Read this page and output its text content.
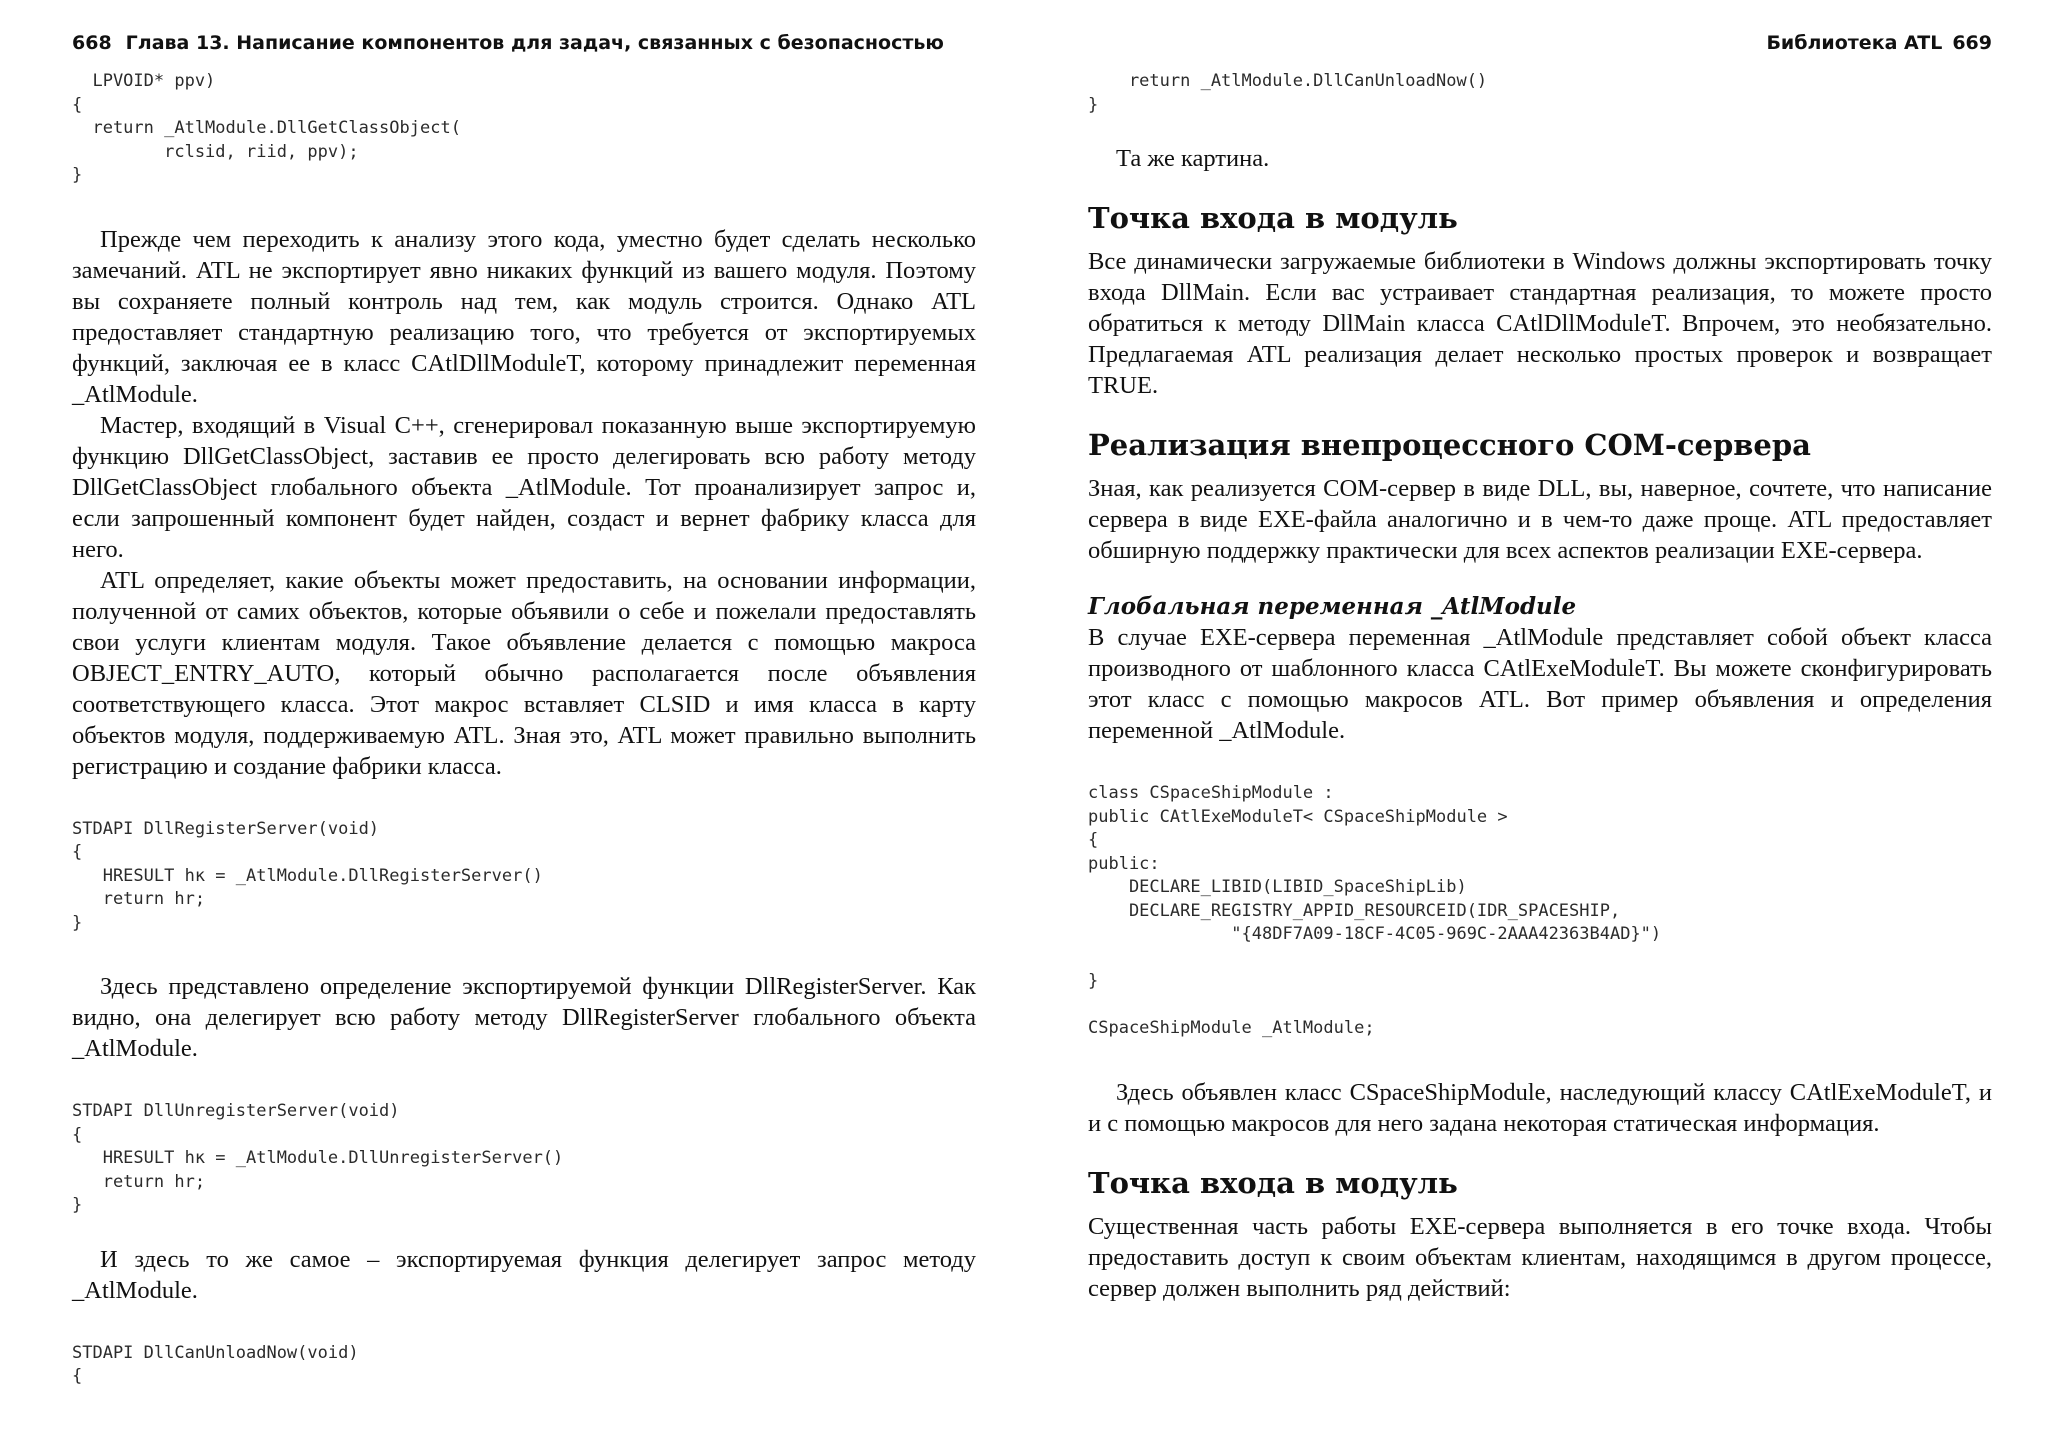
668 Глава 13. Написание компонентов для задач, связанных с безопасностью
LPVOID* ppv)
{
return _AtlModule.DllGetClassObject(
rclsid, riid, ppv);
}

Прежде чем переходить к анализу этого кода, уместно будет сделать несколько замечаний. ATL не экспортирует явно никаких функций из вашего модуля. Поэтому вы сохраняете полный контроль над тем, как модуль строится. Однако ATL предоставляет стандартную реализацию того, что требуется от экспортируемых функций, заключая ее в класс CAtlDllModuleT, которому принадлежит переменная _AtlModule.

Мастер, входящий в Visual C++, сгенерировал показанную выше экспортируемую функцию DllGetClassObject, заставив ее просто делегировать всю работу методу DllGetClassObject глобального объекта _AtlModule. Тот проанализирует запрос и, если запрошенный компонент будет найден, создаст и вернет фабрику класса для него.

ATL определяет, какие объекты может предоставить, на основании информации, полученной от самих объектов, которые объявили о себе и пожелали предоставлять свои услуги клиентам модуля. Такое объявление делается с помощью макроса OBJECT_ENTRY_AUTO, который обычно располагается после объявления соответствующего класса. Этот макрос вставляет CLSID и имя класса в карту объектов модуля, поддерживаемую ATL. Зная это, ATL может правильно выполнить регистрацию и создание фабрики класса.

STDAPI DllRegisterServer(void)
{
HRESULT hк = _AtlModule.DllRegisterServer()
return hr;
}

Здесь представлено определение экспортируемой функции DllRegisterServer. Как видно, она делегирует всю работу методу DllRegisterServer глобального объекта _AtlModule.

STDAPI DllUnregisterServer(void)
{
HRESULT hк = _AtlModule.DllUnregisterServer()
return hr;
}

И здесь то же самое – экспортируемая функция делегирует запрос методу _AtlModule.

STDAPI DllCanUnloadNow(void)
{
Библиотека ATL 669
return _AtlModule.DllCanUnloadNow()
}

Та же картина.

Точка входа в модуль

Все динамически загружаемые библиотеки в Windows должны экспортировать точку входа DllMain. Если вас устраивает стандартная реализация, то можете просто обратиться к методу DllMain класса CAtlDllModuleT. Впрочем, это необязательно. Предлагаемая ATL реализация делает несколько простых проверок и возвращает TRUE.

Реализация внепроцессного COM-сервера

Зная, как реализуется COM-сервер в виде DLL, вы, наверное, сочтете, что написание сервера в виде EXE-файла аналогично и в чем-то даже проще. ATL предоставляет обширную поддержку практически для всех аспектов реализации EXE-сервера.

Глобальная переменная _AtlModule

В случае EXE-сервера переменная _AtlModule представляет собой объект класса производного от шаблонного класса CAtlExeModuleT. Вы можете сконфигурировать этот класс с помощью макросов ATL. Вот пример объявления и определения переменной _AtlModule.

class CSpaceShipModule :
public CAtlExeModuleT< CSpaceShipModule >
{
public:
DECLARE_LIBID(LIBID_SpaceShipLib)
DECLARE_REGISTRY_APPID_RESOURCEID(IDR_SPACESHIP,
"{48DF7A09-18CF-4C05-969C-2AAA42363B4AD}")

}

CSpaceShipModule _AtlModule;

Здесь объявлен класс CSpaceShipModule, наследующий классу CAtlExeModuleT, и и с помощью макросов для него задана некоторая статическая информация.

Точка входа в модуль

Существенная часть работы EXE-сервера выполняется в его точке входа. Чтобы предоставить доступ к своим объектам клиентам, находящимся в другом процессе, сервер должен выполнить ряд действий:
